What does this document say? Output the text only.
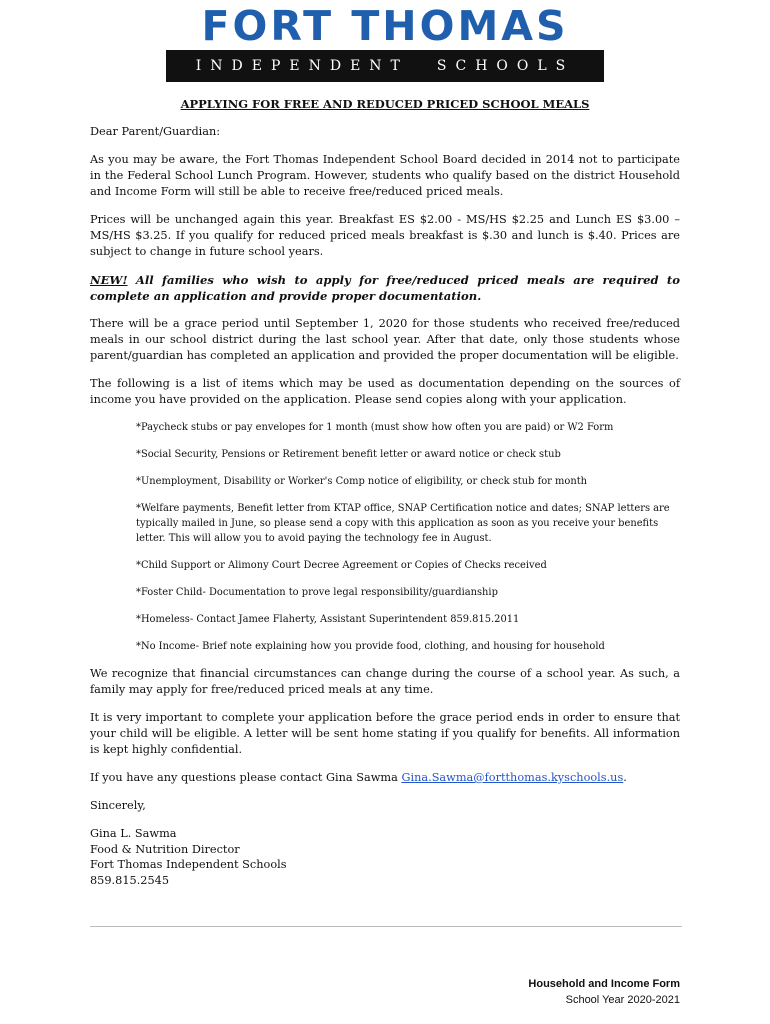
FORT THOMAS
INDEPENDENT SCHOOLS
APPLYING FOR FREE AND REDUCED PRICED SCHOOL MEALS

Dear Parent/Guardian:

As you may be aware, the Fort Thomas Independent School Board decided in 2014 not to participate in the Federal School Lunch Program. However, students who qualify based on the district Household and Income Form will still be able to receive free/reduced priced meals.

Prices will be unchanged again this year. Breakfast ES $2.00 - MS/HS $2.25 and Lunch ES $3.00 – MS/HS $3.25. If you qualify for reduced priced meals breakfast is $.30 and lunch is $.40. Prices are subject to change in future school years.

NEW! All families who wish to apply for free/reduced priced meals are required to complete an application and provide proper documentation.

There will be a grace period until September 1, 2020 for those students who received free/reduced meals in our school district during the last school year. After that date, only those students whose parent/guardian has completed an application and provided the proper documentation will be eligible.

The following is a list of items which may be used as documentation depending on the sources of income you have provided on the application. Please send copies along with your application.

*Paycheck stubs or pay envelopes for 1 month (must show how often you are paid) or W2 Form
*Social Security, Pensions or Retirement benefit letter or award notice or check stub
*Unemployment, Disability or Worker's Comp notice of eligibility, or check stub for month
*Welfare payments, Benefit letter from KTAP office, SNAP Certification notice and dates; SNAP letters are typically mailed in June, so please send a copy with this application as soon as you receive your benefits letter. This will allow you to avoid paying the technology fee in August.
*Child Support or Alimony Court Decree Agreement or Copies of Checks received
*Foster Child- Documentation to prove legal responsibility/guardianship
*Homeless- Contact Jamee Flaherty, Assistant Superintendent 859.815.2011
*No Income- Brief note explaining how you provide food, clothing, and housing for household

We recognize that financial circumstances can change during the course of a school year. As such, a family may apply for free/reduced priced meals at any time.

It is very important to complete your application before the grace period ends in order to ensure that your child will be eligible. A letter will be sent home stating if you qualify for benefits. All information is kept highly confidential.

If you have any questions please contact Gina Sawma Gina.Sawma@fortthomas.kyschools.us.

Sincerely,

Gina L. Sawma
Food & Nutrition Director
Fort Thomas Independent Schools
859.815.2545
Household and Income Form
School Year 2020-2021
